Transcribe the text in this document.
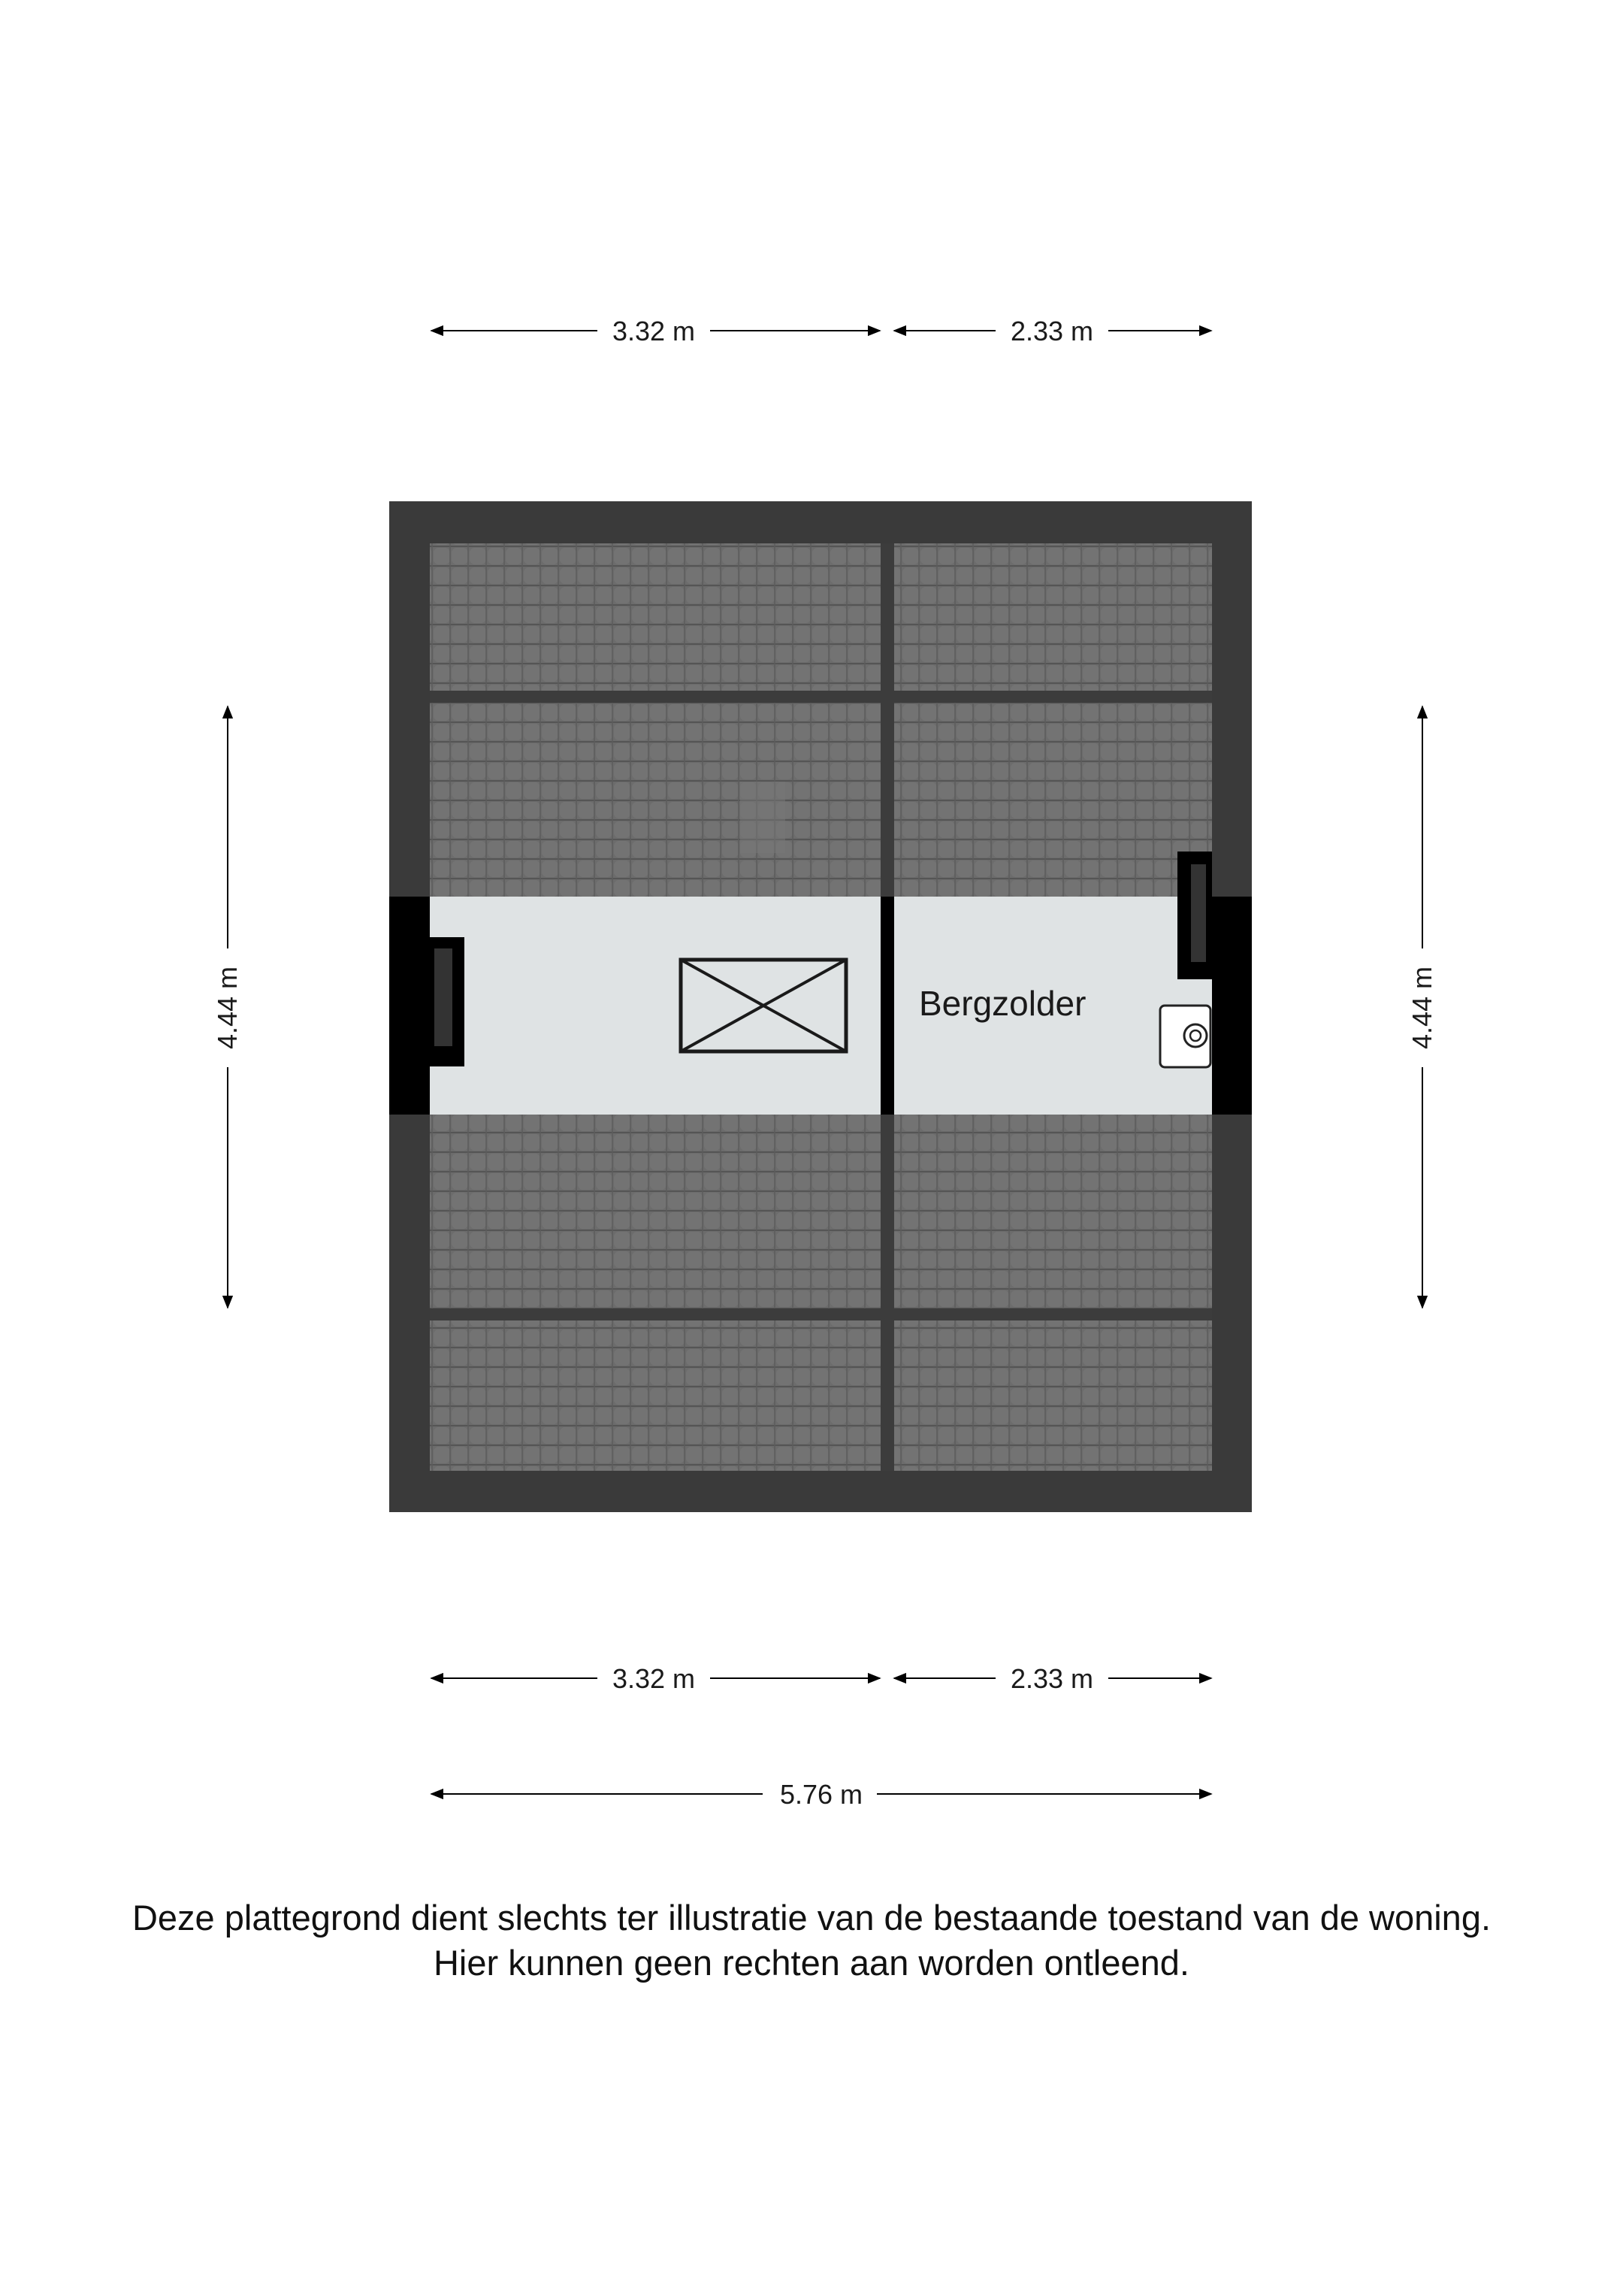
3.32 m	2.33 m
3.32 m	2.33 m
5.76 m
4.44 m	4.44 m
Bergzolder
Deze plattegrond dient slechts ter illustratie van de bestaande toestand van de woning.
Hier kunnen geen rechten aan worden ontleend.
